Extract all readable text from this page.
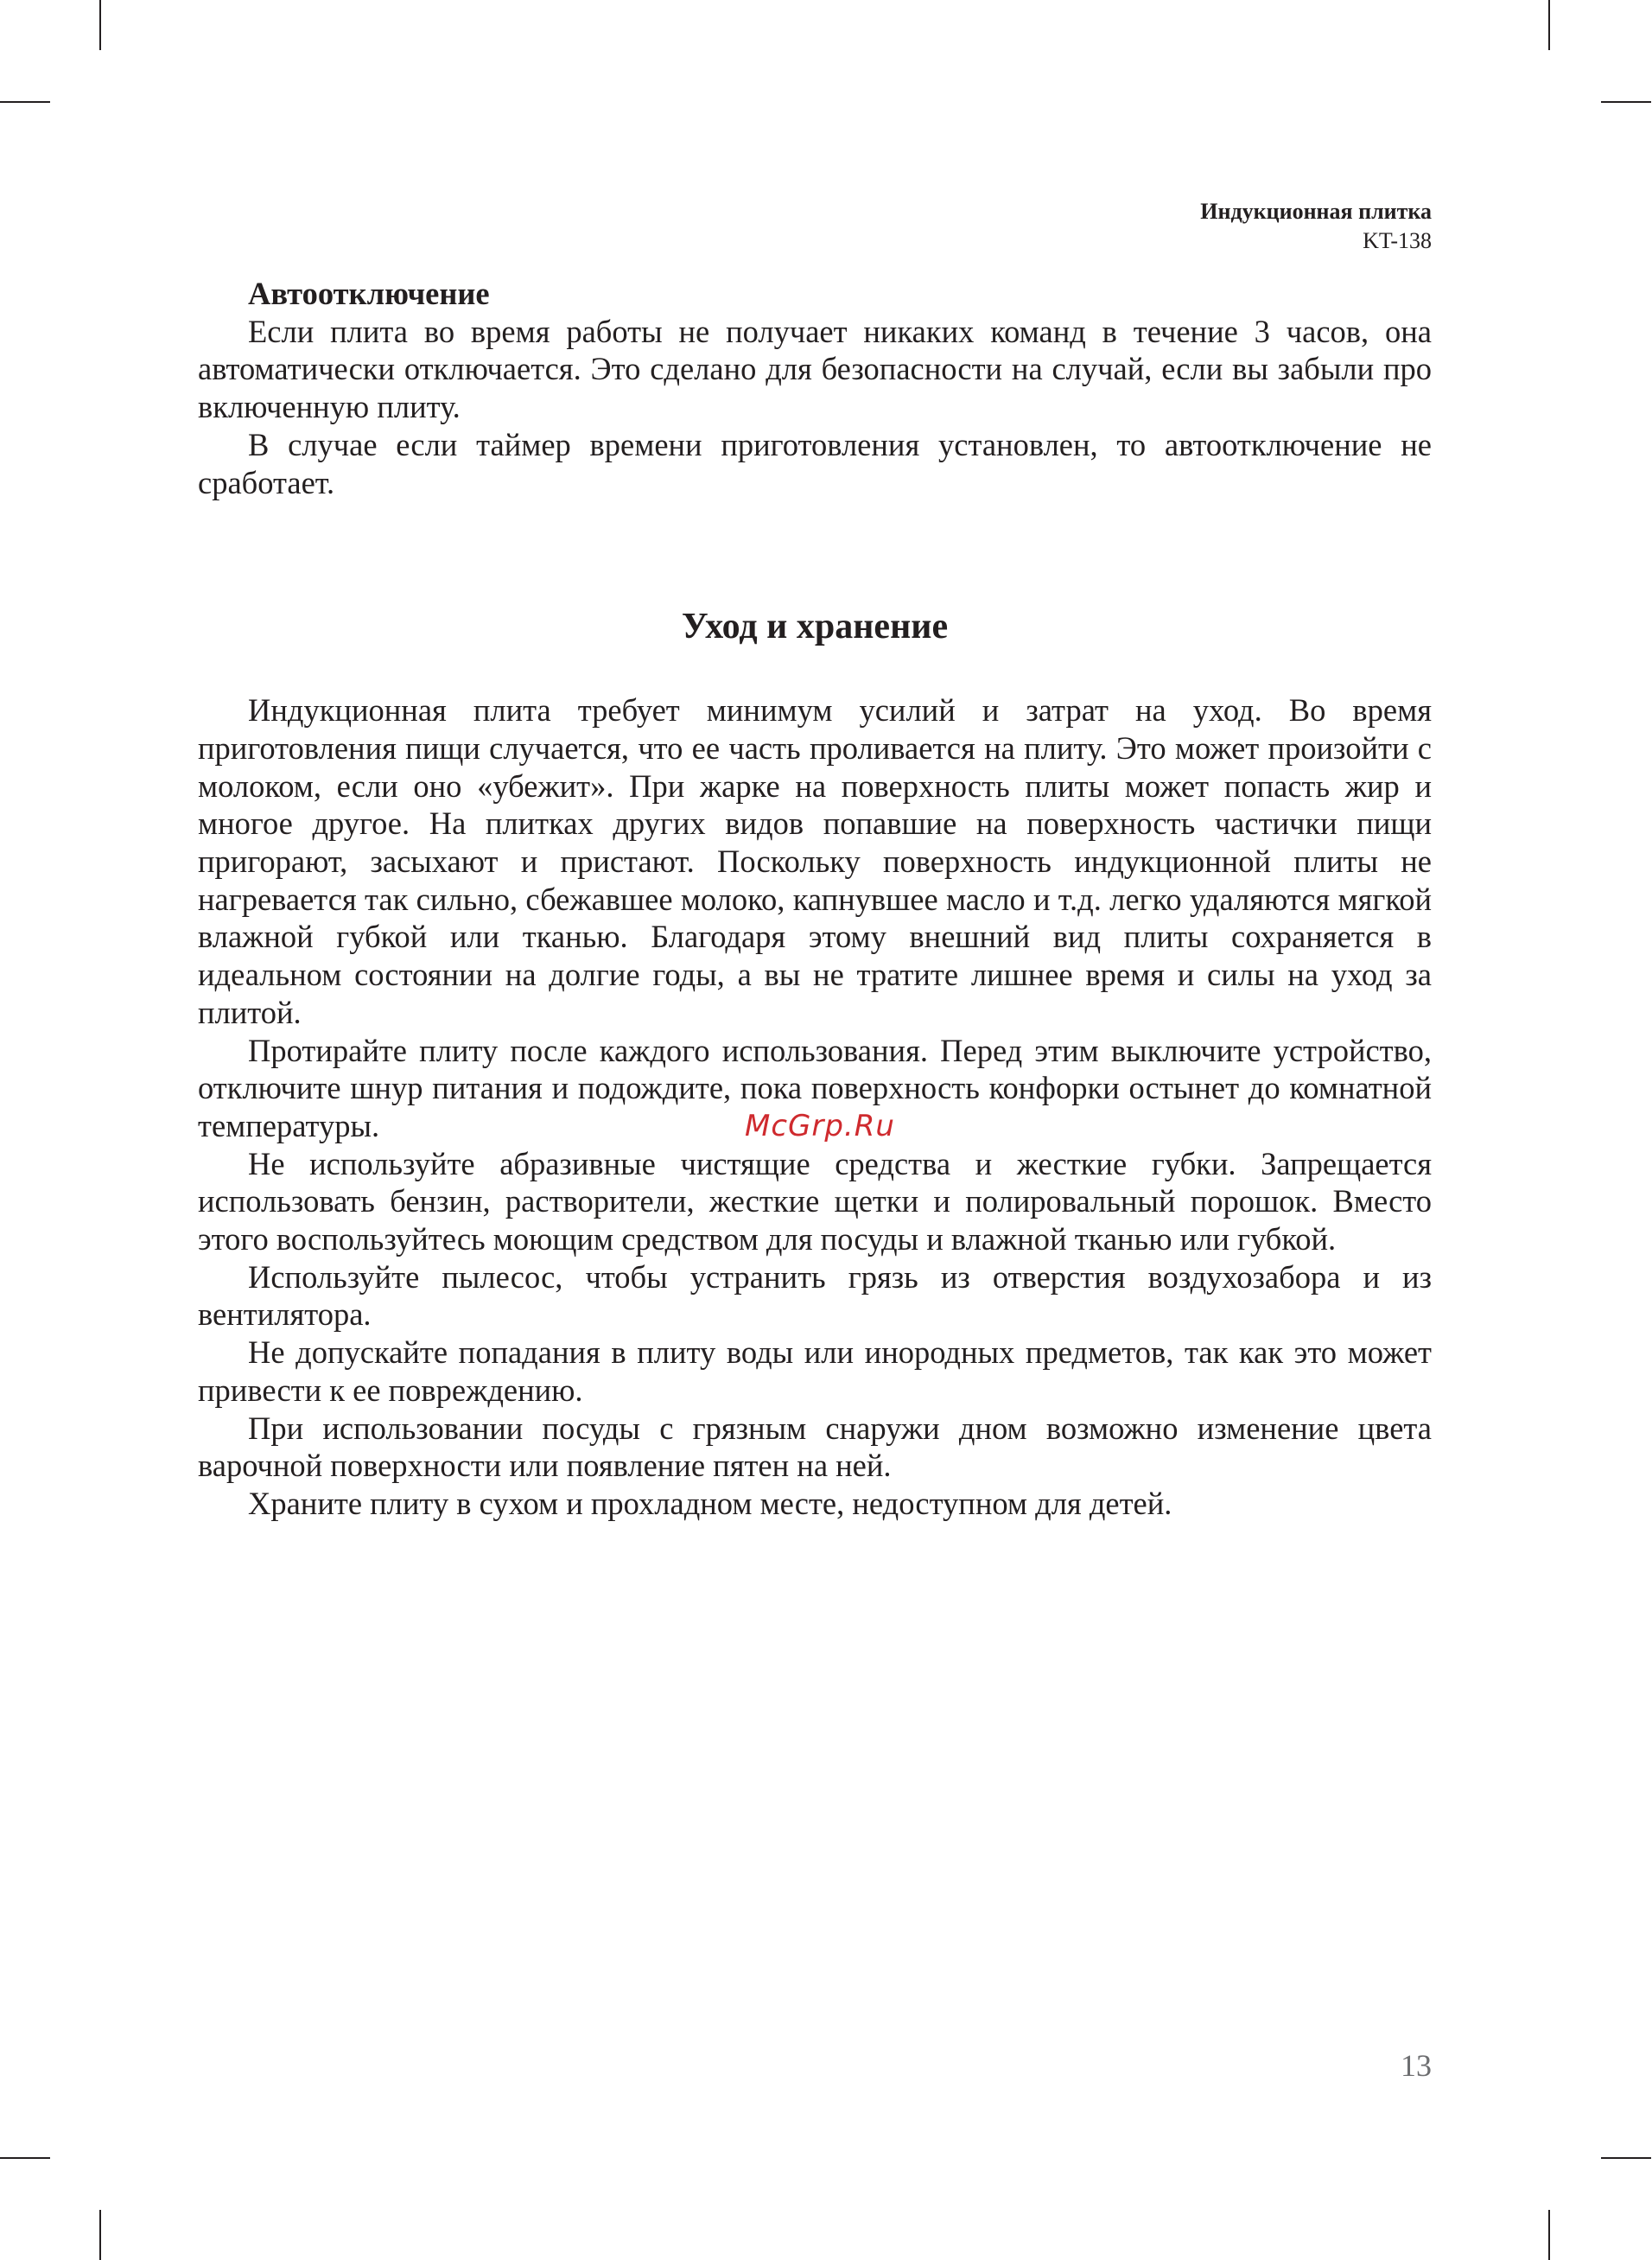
Индукционная плитка
KT-138
Автоотключение

Если плита во время работы не получает никаких команд в течение 3 часов, она автоматически отключается. Это сделано для безопасности на случай, если вы забыли про включенную плиту.

В случае если таймер времени приготовления установлен, то автоотключение не сработает.

Уход и хранение

Индукционная плита требует минимум усилий и затрат на уход. Во время приготовления пищи случается, что ее часть проливается на плиту. Это может произойти с молоком, если оно «убежит». При жарке на поверхность плиты может попасть жир и многое другое. На плитках других видов попавшие на поверхность частички пищи пригорают, засыхают и пристают. Поскольку поверхность индукционной плиты не нагревается так сильно, сбежавшее молоко, капнувшее масло и т.д. легко удаляются мягкой влажной губкой или тканью. Благодаря этому внешний вид плиты сохраняется в идеальном состоянии на долгие годы, а вы не тратите лишнее время и силы на уход за плитой.

Протирайте плиту после каждого использования. Перед этим выключите устройство, отключите шнур питания и подождите, пока поверхность конфорки остынет до комнатной температуры.

Не используйте абразивные чистящие средства и жесткие губки. Запрещается использовать бензин, растворители, жесткие щетки и полировальный порошок. Вместо этого воспользуйтесь моющим средством для посуды и влажной тканью или губкой.

Используйте пылесос, чтобы устранить грязь из отверстия воздухозабора и из вентилятора.

Не допускайте попадания в плиту воды или инородных предметов, так как это может привести к ее повреждению.

При использовании посуды с грязным снаружи дном возможно изменение цвета варочной поверхности или появление пятен на ней.

Храните плиту в сухом и прохладном месте, недоступном для детей.

McGrp.Ru
13
